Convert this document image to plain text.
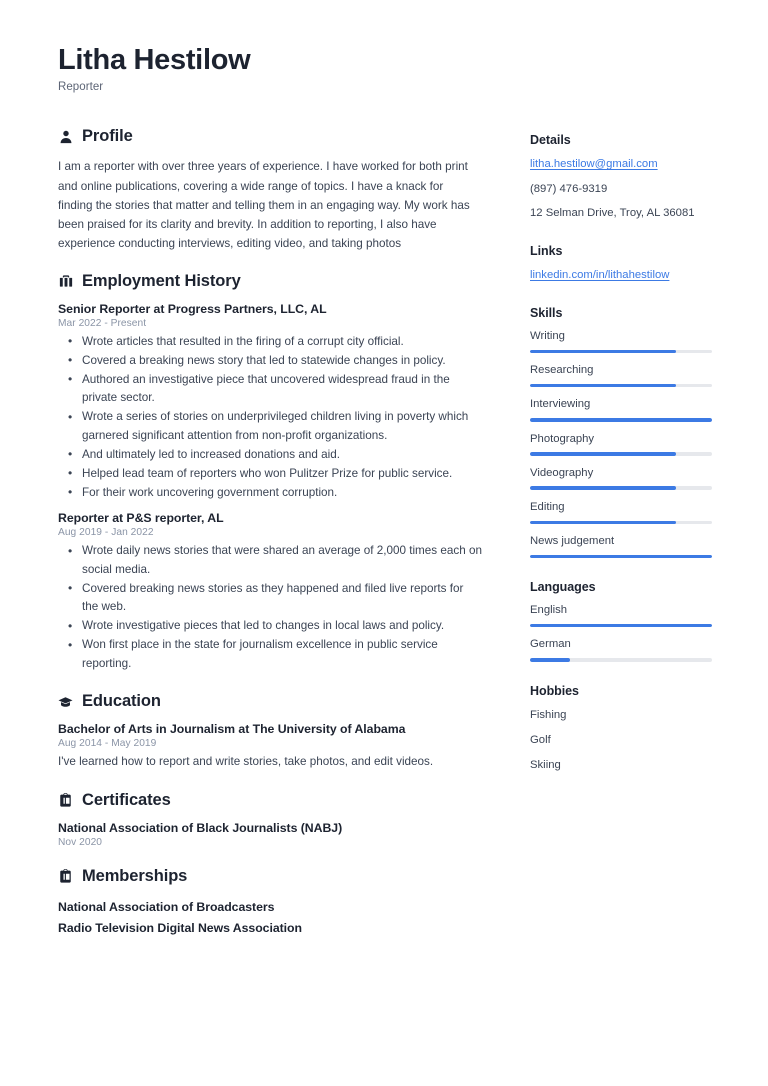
Litha Hestilow
Reporter
Profile
I am a reporter with over three years of experience. I have worked for both print and online publications, covering a wide range of topics. I have a knack for finding the stories that matter and telling them in an engaging way. My work has been praised for its clarity and brevity. In addition to reporting, I also have experience conducting interviews, editing video, and taking photos
Employment History
Senior Reporter at Progress Partners, LLC, AL
Mar 2022 - Present
• Wrote articles that resulted in the firing of a corrupt city official.
• Covered a breaking news story that led to statewide changes in policy.
• Authored an investigative piece that uncovered widespread fraud in the private sector.
• Wrote a series of stories on underprivileged children living in poverty which garnered significant attention from non-profit organizations.
• And ultimately led to increased donations and aid.
• Helped lead team of reporters who won Pulitzer Prize for public service.
• For their work uncovering government corruption.
Reporter at P&S reporter, AL
Aug 2019 - Jan 2022
• Wrote daily news stories that were shared an average of 2,000 times each on social media.
• Covered breaking news stories as they happened and filed live reports for the web.
• Wrote investigative pieces that led to changes in local laws and policy.
• Won first place in the state for journalism excellence in public service reporting.
Education
Bachelor of Arts in Journalism at The University of Alabama
Aug 2014 - May 2019
I've learned how to report and write stories, take photos, and edit videos.
Certificates
National Association of Black Journalists (NABJ)
Nov 2020
Memberships
National Association of Broadcasters
Radio Television Digital News Association
Details
litha.hestilow@gmail.com
(897) 476-9319
12 Selman Drive, Troy, AL 36081
Links
linkedin.com/in/lithahestilow
Skills
Writing
Researching
Interviewing
Photography
Videography
Editing
News judgement
Languages
English
German
Hobbies
Fishing
Golf
Skiing
